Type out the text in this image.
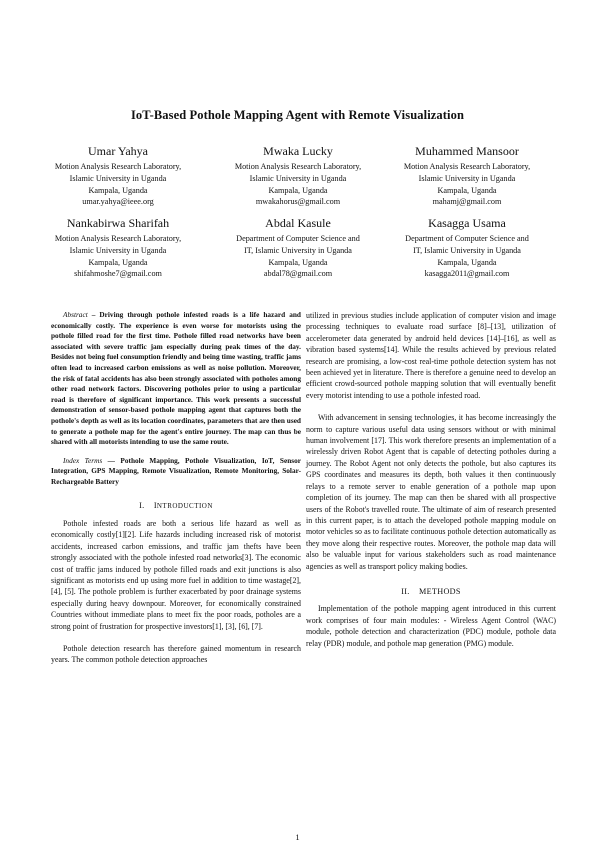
IoT-Based Pothole Mapping Agent with Remote Visualization
Umar Yahya
Motion Analysis Research Laboratory,
Islamic University in Uganda
Kampala, Uganda
umar.yahya@ieee.org
Mwaka Lucky
Motion Analysis Research Laboratory,
Islamic University in Uganda
Kampala, Uganda
mwakahorus@gmail.com
Muhammed Mansoor
Motion Analysis Research Laboratory,
Islamic University in Uganda
Kampala, Uganda
mahamj@gmail.com
Nankabirwa Sharifah
Motion Analysis Research Laboratory,
Islamic University in Uganda
Kampala, Uganda
shifahmoshe7@gmail.com
Abdal Kasule
Department of Computer Science and
IT, Islamic University in Uganda
Kampala, Uganda
abdal78@gmail.com
Kasagga Usama
Department of Computer Science and
IT, Islamic University in Uganda
Kampala, Uganda
kasagga2011@gmail.com

Abstract – Driving through pothole infested roads is a life hazard and economically costly. The experience is even worse for motorists using the pothole filled road for the first time. Pothole filled road networks have been associated with severe traffic jam especially during peak times of the day. Besides not being fuel consumption friendly and being time wasting, traffic jams often lead to increased carbon emissions as well as noise pollution. Moreover, the risk of fatal accidents has also been strongly associated with potholes among other road network factors. Discovering potholes prior to using a particular road is therefore of significant importance. This work presents a successful demonstration of sensor-based pothole mapping agent that captures both the pothole's depth as well as its location coordinates, parameters that are then used to generate a pothole map for the agent's entire journey. The map can thus be shared with all motorists intending to use the same route.

Index Terms — Pothole Mapping, Pothole Visualization, IoT, Sensor Integration, GPS Mapping, Remote Visualization, Remote Monitoring, Solar-Rechargeable Battery

I. INTRODUCTION

Pothole infested roads are both a serious life hazard as well as economically costly[1][2]. Life hazards including increased risk of motorist accidents, increased carbon emissions, and traffic jam thefts have been strongly associated with the pothole infested road networks[3]. The economic cost of traffic jams induced by pothole filled roads and exit junctions is also significant as motorists end up using more fuel in addition to time wastage[2], [4], [5]. The pothole problem is further exacerbated by poor drainage systems especially during heavy downpour. Moreover, for economically constrained Countries without immediate plans to meet fix the poor roads, potholes are a strong point of frustration for prospective investors[1], [3], [6], [7].

Pothole detection research has therefore gained momentum in research years. The common pothole detection approaches

utilized in previous studies include application of computer vision and image processing techniques to evaluate road surface [8]–[13], utilization of accelerometer data generated by android held devices [14]–[16], as well as vibration based systems[14]. While the results achieved by previous related research are promising, a low-cost real-time pothole detection system has not been achieved yet in literature. There is therefore a genuine need to develop an efficient crowd-sourced pothole mapping solution that will eventually benefit every motorist intending to use a pothole infested road.

With advancement in sensing technologies, it has become increasingly the norm to capture various useful data using sensors without or with minimal human involvement [17]. This work therefore presents an implementation of a wirelessly driven Robot Agent that is capable of detecting potholes during a journey. The Robot Agent not only detects the pothole, but also captures its GPS coordinates and measures its depth, both values it then continuously relays to a remote server to enable generation of a pothole map upon completion of its journey. The map can then be shared with all prospective users of the Robot's travelled route. The ultimate of aim of research presented in this current paper, is to attach the developed pothole mapping module on motor vehicles so as to facilitate continuous pothole detection automatically as they move along their respective routes. Moreover, the pothole map data will also be valuable input for various stakeholders such as road maintenance agencies as well as transport policy making bodies.

II. METHODS

Implementation of the pothole mapping agent introduced in this current work comprises of four main modules: - Wireless Agent Control (WAC) module, pothole detection and characterization (PDC) module, pothole data relay (PDR) module, and pothole map generation (PMG) module.

1
